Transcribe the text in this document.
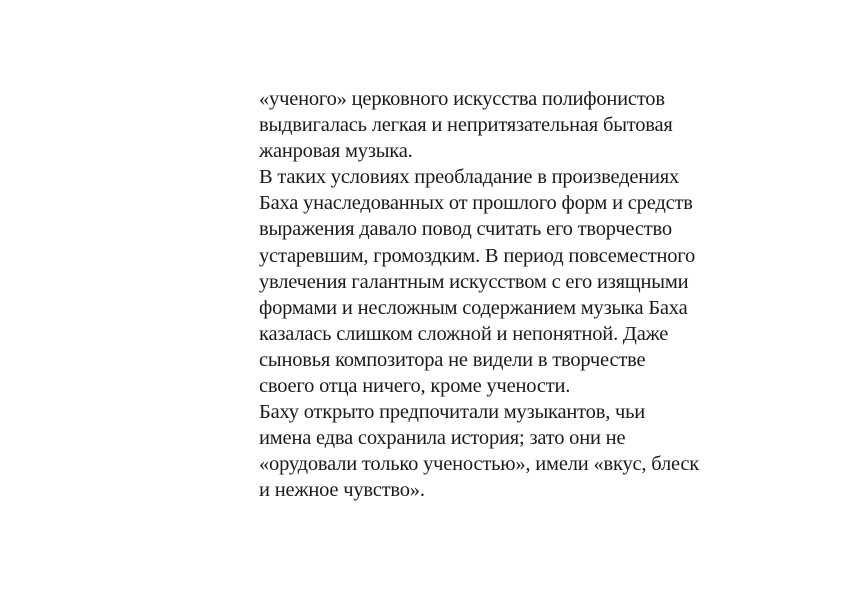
«ученого» церковного искусства полифонистов
выдвигалась легкая и непритязательная бытовая
жанровая музыка.
В таких условиях преобладание в произведениях
Баха унаследованных от прошлого форм и средств
выражения давало повод считать его творчество
устаревшим, громоздким. В период повсеместного
увлечения галантным искусством с его изящными
формами и несложным содержанием музыка Баха
казалась слишком сложной и непонятной. Даже
сыновья композитора не видели в творчестве
своего отца ничего, кроме учености.
Баху открыто предпочитали музыкантов, чьи
имена едва сохранила история; зато они не
«орудовали только ученостью», имели «вкус, блеск
и нежное чувство».
